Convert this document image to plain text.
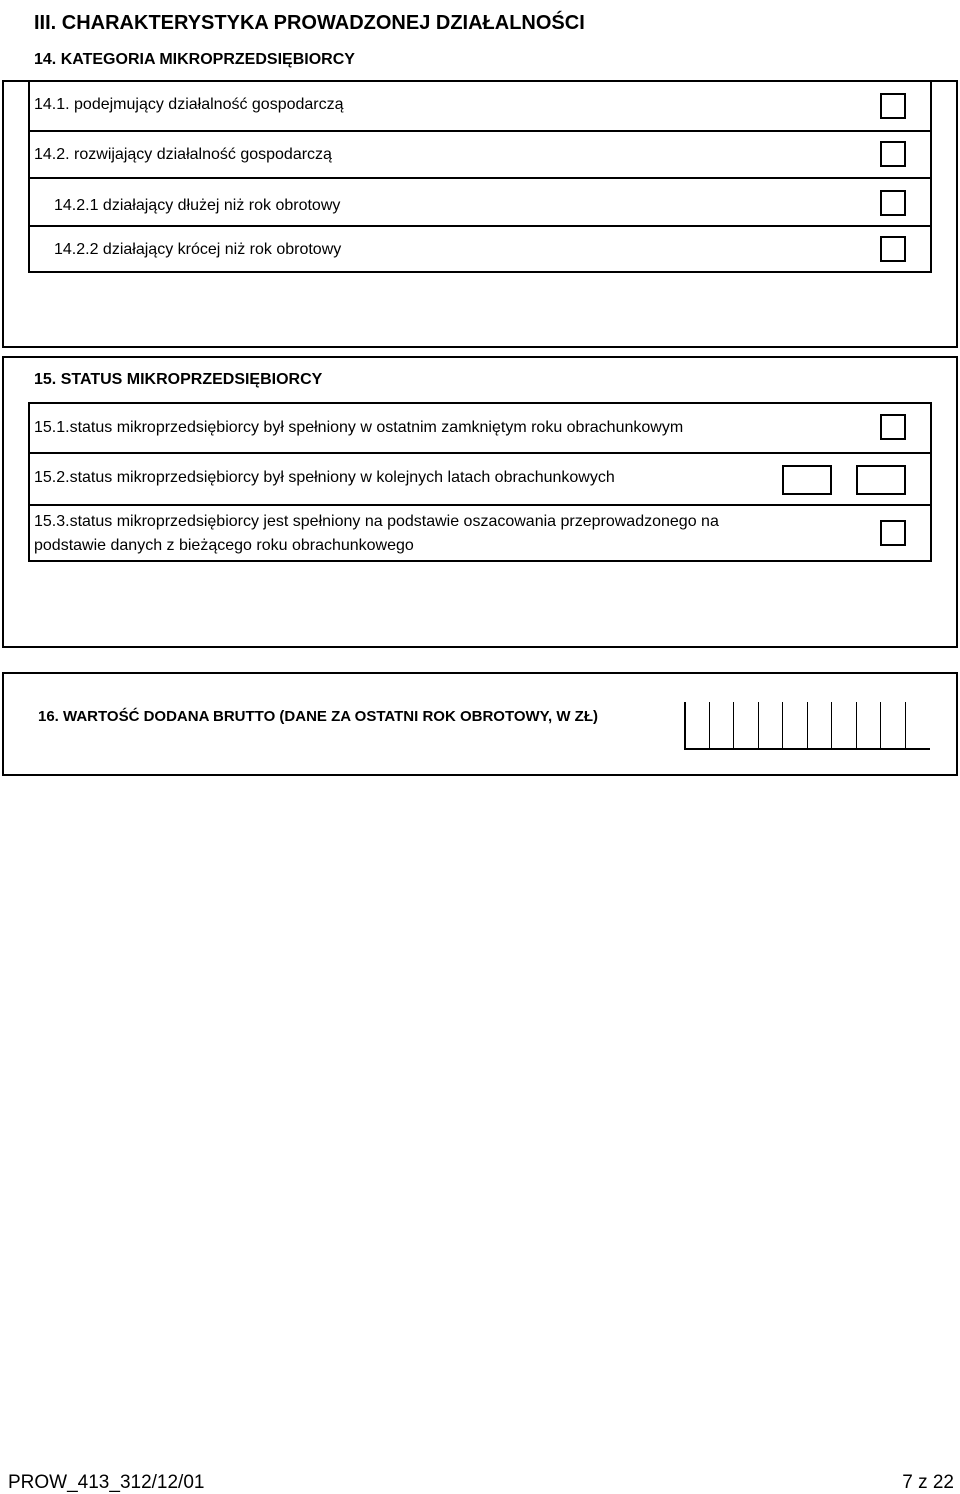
III. CHARAKTERYSTYKA PROWADZONEJ DZIAŁALNOŚCI
14. KATEGORIA MIKROPRZEDSIĘBIORCY
14.1. podejmujący działalność gospodarczą
14.2. rozwijający działalność gospodarczą
14.2.1 działający dłużej niż rok obrotowy
14.2.2 działający krócej niż rok obrotowy
15. STATUS MIKROPRZEDSIĘBIORCY
15.1.status mikroprzedsiębiorcy był spełniony w ostatnim zamkniętym roku obrachunkowym
15.2.status mikroprzedsiębiorcy był spełniony w kolejnych latach obrachunkowych
15.3.status mikroprzedsiębiorcy jest spełniony na podstawie oszacowania przeprowadzonego na
podstawie danych z bieżącego roku obrachunkowego
16. WARTOŚĆ DODANA BRUTTO (DANE ZA OSTATNI ROK OBROTOWY, W ZŁ)
PROW_413_312/12/01	7 z 22
